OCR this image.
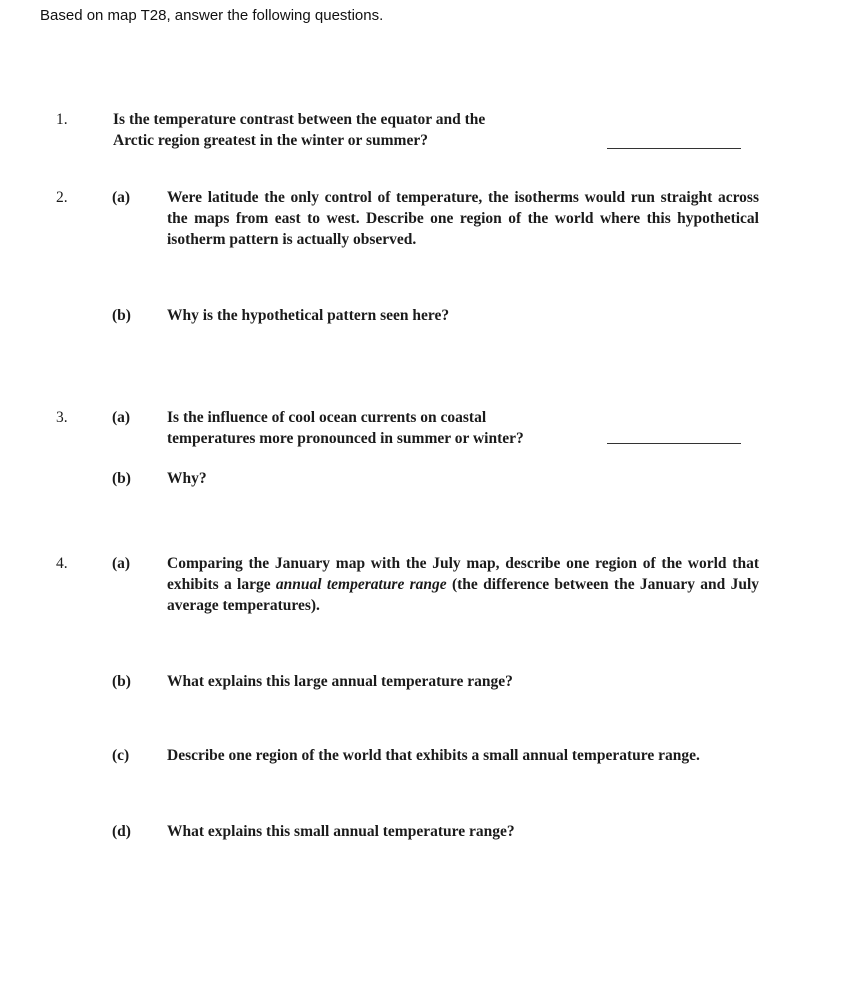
Based on map T28, answer the following questions.
1.	Is the temperature contrast between the equator and the
Arctic region greatest in the winter or summer?
2.	(a) Were latitude the only control of temperature, the isotherms would run straight across the maps from east to west. Describe one region of the world where this hypothetical isotherm pattern is actually observed.
(b) Why is the hypothetical pattern seen here?
3.	(a) Is the influence of cool ocean currents on coastal
temperatures more pronounced in summer or winter?
(b) Why?
4.	(a) Comparing the January map with the July map, describe one region of the world that exhibits a large annual temperature range (the difference between the January and July average temperatures).
(b) What explains this large annual temperature range?
(c) Describe one region of the world that exhibits a small annual temperature range.
(d) What explains this small annual temperature range?
